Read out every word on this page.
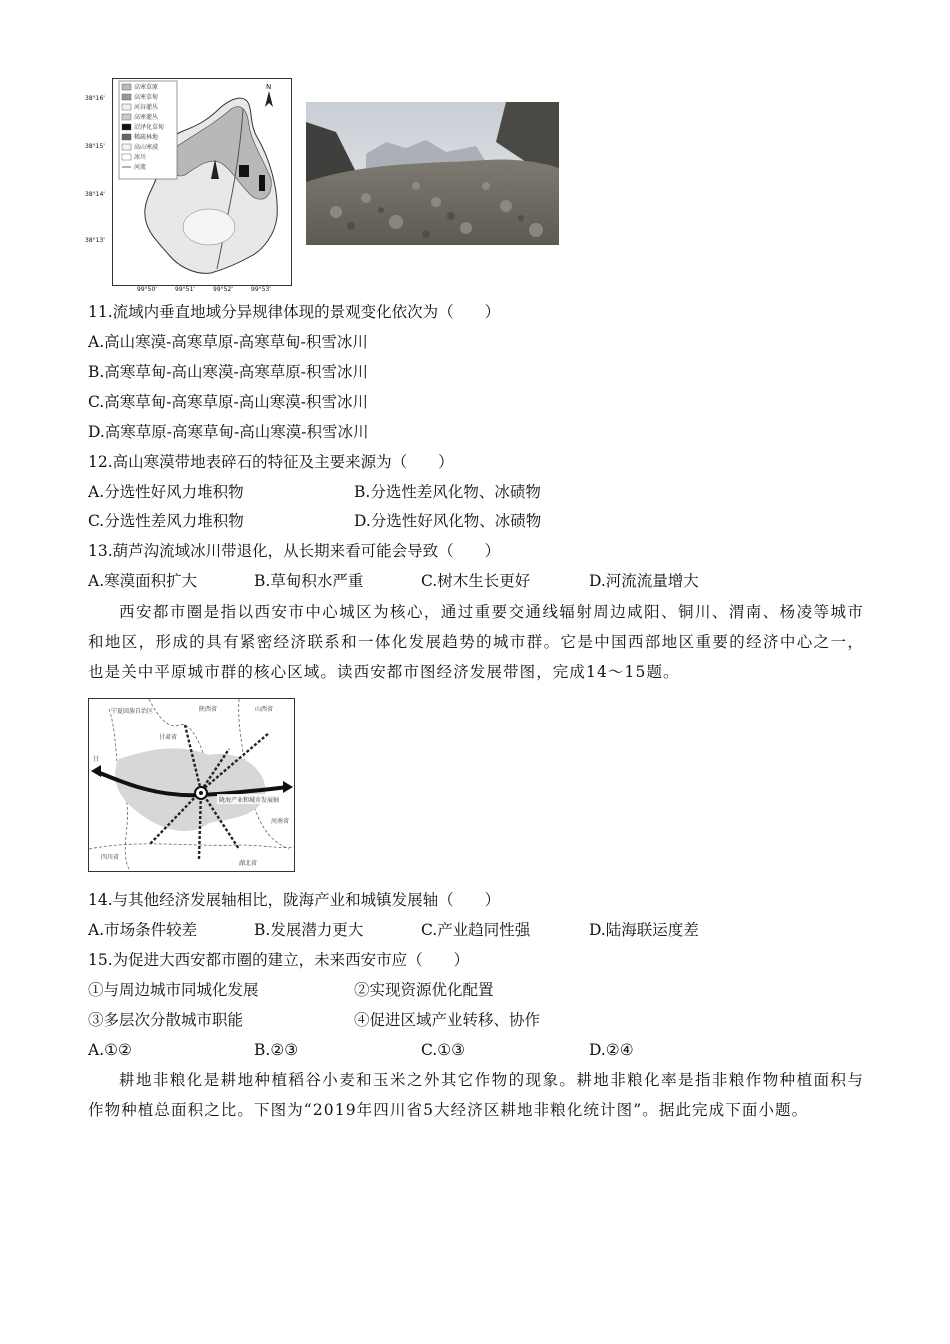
高寒草原
高寒草甸
河谷灌丛
高寒灌丛
沼泽化草甸
稀疏林地
高山寒漠
冰川
河流
N
38°16'
38°15'
38°14'
38°13'
99°50'	99°51'	99°52'	99°53'
11.流域内垂直地域分异规律体现的景观变化依次为（　　）
A.高山寒漠-高寒草原-高寒草甸-积雪冰川
B.高寒草甸-高山寒漠-高寒草原-积雪冰川
C.高寒草甸-高寒草原-高山寒漠-积雪冰川
D.高寒草原-高寒草甸-高山寒漠-积雪冰川
12.高山寒漠带地表碎石的特征及主要来源为（　　）
A.分选性好风力堆积物	B.分选性差风化物、冰碛物
C.分选性差风力堆积物	D.分选性好风化物、冰碛物
13.葫芦沟流域冰川带退化，从长期来看可能会导致（　　）
A.寒漠面积扩大	B.草甸积水严重	C.树木生长更好	D.河流流量增大

西安都市圈是指以西安市中心城区为核心，通过重要交通线辐射周边咸阳、铜川、渭南、杨凌等城市和地区，形成的具有紧密经济联系和一体化发展趋势的城市群。它是中国西部地区重要的经济中心之一，也是关中平原城市群的核心区域。读西安都市图经济发展带图，完成14～15题。

陇海产业和城市发展轴
宁夏回族自治区	陕西省	山西省
甘肃省
河南省
四川省
湖北省
甘
14.与其他经济发展轴相比，陇海产业和城镇发展轴（　　）
A.市场条件较差	B.发展潜力更大	C.产业趋同性强	D.陆海联运度差
15.为促进大西安都市圈的建立，未来西安市应（　　）
①与周边城市同城化发展	②实现资源优化配置
③多层次分散城市职能	④促进区域产业转移、协作
A.①②	B.②③	C.①③	D.②④

耕地非粮化是耕地种植稻谷小麦和玉米之外其它作物的现象。耕地非粮化率是指非粮作物种植面积与作物种植总面积之比。下图为“2019年四川省5大经济区耕地非粮化统计图”。据此完成下面小题。
